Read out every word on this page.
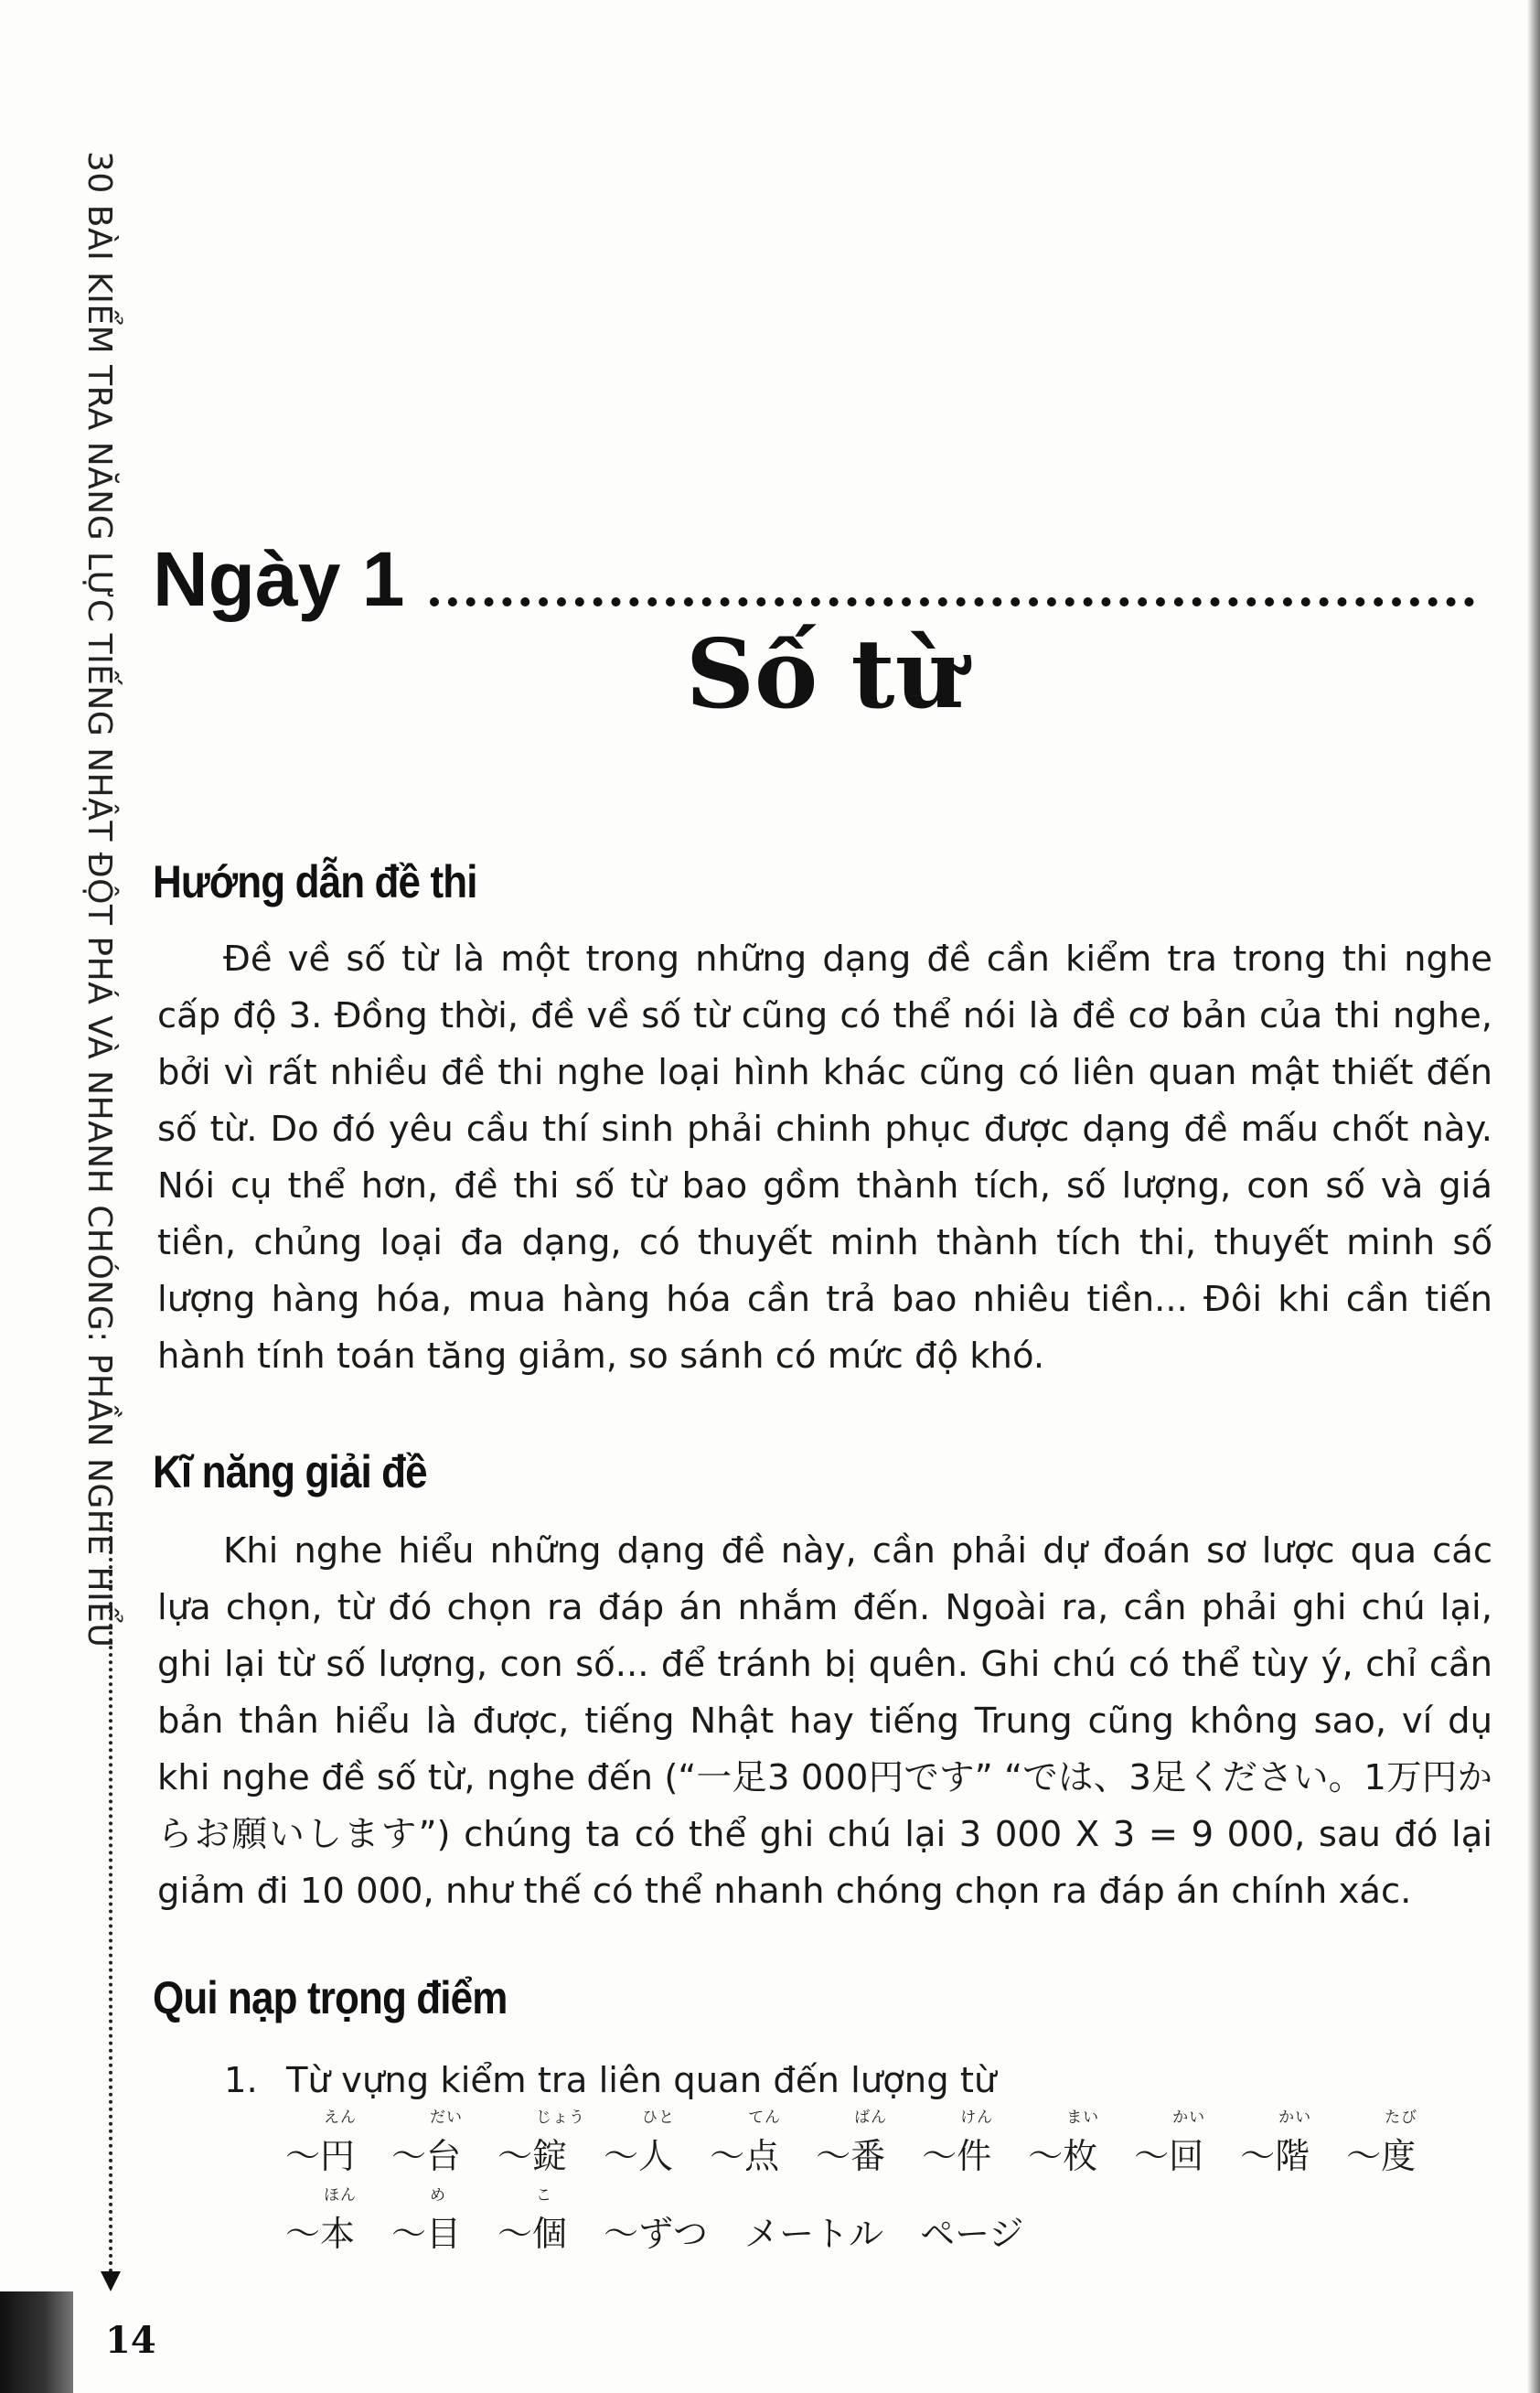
30 BÀI KIỂM TRA NĂNG LỰC TIẾNG NHẬT ĐỘT PHÁ VÀ NHANH CHÓNG: PHẦN NGHE HIỂU
14
Ngày 1
Số từ
Hướng dẫn đề thi

Đề về số từ là một trong những dạng đề cần kiểm tra trong thi nghe cấp độ 3. Đồng thời, đề về số từ cũng có thể nói là đề cơ bản của thi nghe, bởi vì rất nhiều đề thi nghe loại hình khác cũng có liên quan mật thiết đến số từ. Do đó yêu cầu thí sinh phải chinh phục được dạng đề mấu chốt này. Nói cụ thể hơn, đề thi số từ bao gồm thành tích, số lượng, con số và giá tiền, chủng loại đa dạng, có thuyết minh thành tích thi, thuyết minh số lượng hàng hóa, mua hàng hóa cần trả bao nhiêu tiền... Đôi khi cần tiến hành tính toán tăng giảm, so sánh có mức độ khó.

Kĩ năng giải đề

Khi nghe hiểu những dạng đề này, cần phải dự đoán sơ lược qua các lựa chọn, từ đó chọn ra đáp án nhắm đến. Ngoài ra, cần phải ghi chú lại, ghi lại từ số lượng, con số... để tránh bị quên. Ghi chú có thể tùy ý, chỉ cần bản thân hiểu là được, tiếng Nhật hay tiếng Trung cũng không sao, ví dụ khi nghe đề số từ, nghe đến (“一足3 000円です” “では、3足ください。1万円からお願いします”) chúng ta có thể ghi chú lại 3 000 X 3 = 9 000, sau đó lại giảm đi 10 000, như thế có thể nhanh chóng chọn ra đáp án chính xác.

Qui nạp trọng điểm
1. Từ vựng kiểm tra liên quan đến lượng từ
えん
～円
だい
～台
じょう
～錠
ひと
～人
てん
～点
ばん
～番
けん
～件
まい
～枚
かい
～回
かい
～階
たび
～度
ほん
～本
め
～目
こ
～個 ～ずつ メートル ページ
